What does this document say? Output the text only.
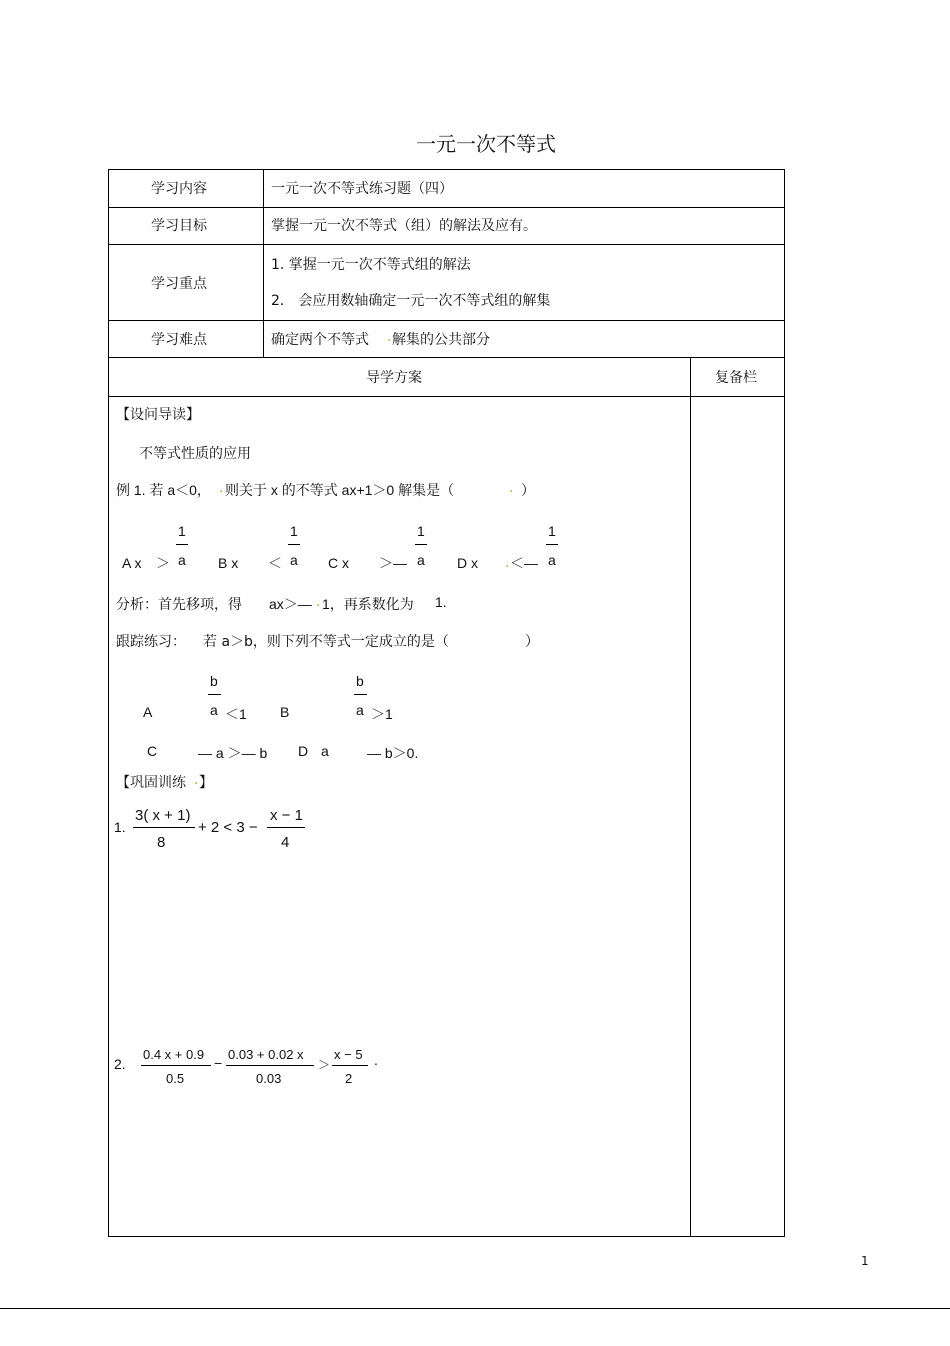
一元一次不等式
学习内容	一元一次不等式练习题（四）
学习目标	掌握一元一次不等式（组）的解法及应有。
学习重点
1. 掌握一元一次不等式组的解法
2． 会应用数轴确定一元一次不等式组的解集
学习难点	确定两个不等式 . 解集的公共部分
导学方案	复备栏
【设问导读】
不等式性质的应用
例 1. 若 a＜0， . 则关于 x 的不等式 ax+1＞0 解集是（	. ）
A x ＞
1
a B x ＜
1
a C x ＞—
1
a D x . ＜—
1
a
分析：首先移项，得 ax＞— . 1，再系数化为 1.
跟踪练习： 若 a＞b，则下列不等式一定成立的是（	）
A
b
a ＜1 B
b
a ＞1
C	— a ＞— b D a	— b＞0.
【巩固训练 . 】
1.
3( x + 1)
8
+ 2 < 3 −
x − 1
4
2.
0.4 x + 0.9
0.5
−
0.03 + 0.02 x
0.03
＞
x − 5
2
.
1
